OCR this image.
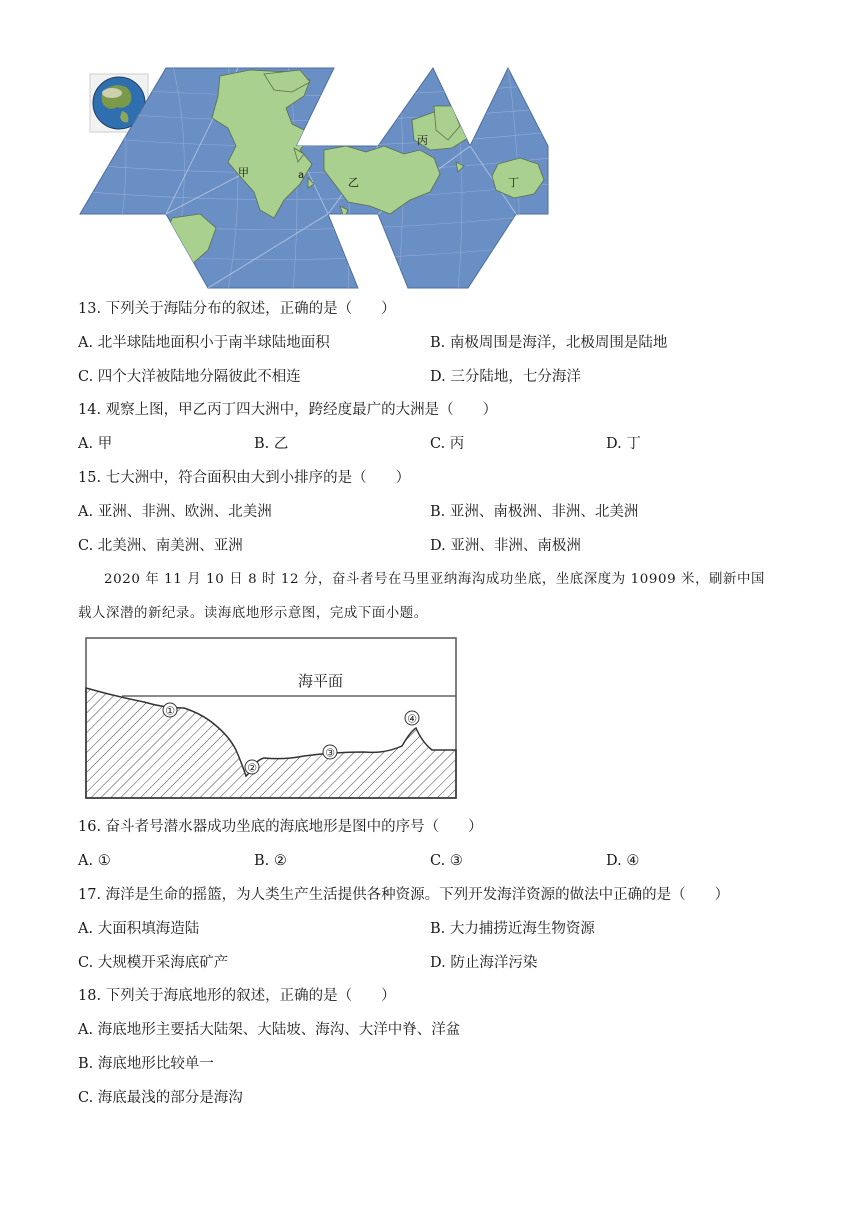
甲	a
乙
丙
丁
13. 下列关于海陆分布的叙述，正确的是（　　）
A. 北半球陆地面积小于南半球陆地面积	B. 南极周围是海洋，北极周围是陆地
C. 四个大洋被陆地分隔彼此不相连	D. 三分陆地，七分海洋
14. 观察上图，甲乙丙丁四大洲中，跨经度最广的大洲是（　　）
A. 甲	B. 乙	C. 丙	D. 丁
15. 七大洲中，符合面积由大到小排序的是（　　）
A. 亚洲、非洲、欧洲、北美洲	B. 亚洲、南极洲、非洲、北美洲
C. 北美洲、南美洲、亚洲	D. 亚洲、非洲、南极洲
2020 年 11 月 10 日 8 时 12 分，奋斗者号在马里亚纳海沟成功坐底，坐底深度为 10909 米，刷新中国
载人深潜的新纪录。读海底地形示意图，完成下面小题。
海平面
①
②
③
④
16. 奋斗者号潜水器成功坐底的海底地形是图中的序号（　　）
A. ①	B. ②	C. ③	D. ④
17. 海洋是生命的摇篮，为人类生产生活提供各种资源。下列开发海洋资源的做法中正确的是（　　）
A. 大面积填海造陆	B. 大力捕捞近海生物资源
C. 大规模开采海底矿产	D. 防止海洋污染
18. 下列关于海底地形的叙述，正确的是（　　）
A. 海底地形主要括大陆架、大陆坡、海沟、大洋中脊、洋盆
B. 海底地形比较单一
C. 海底最浅的部分是海沟
